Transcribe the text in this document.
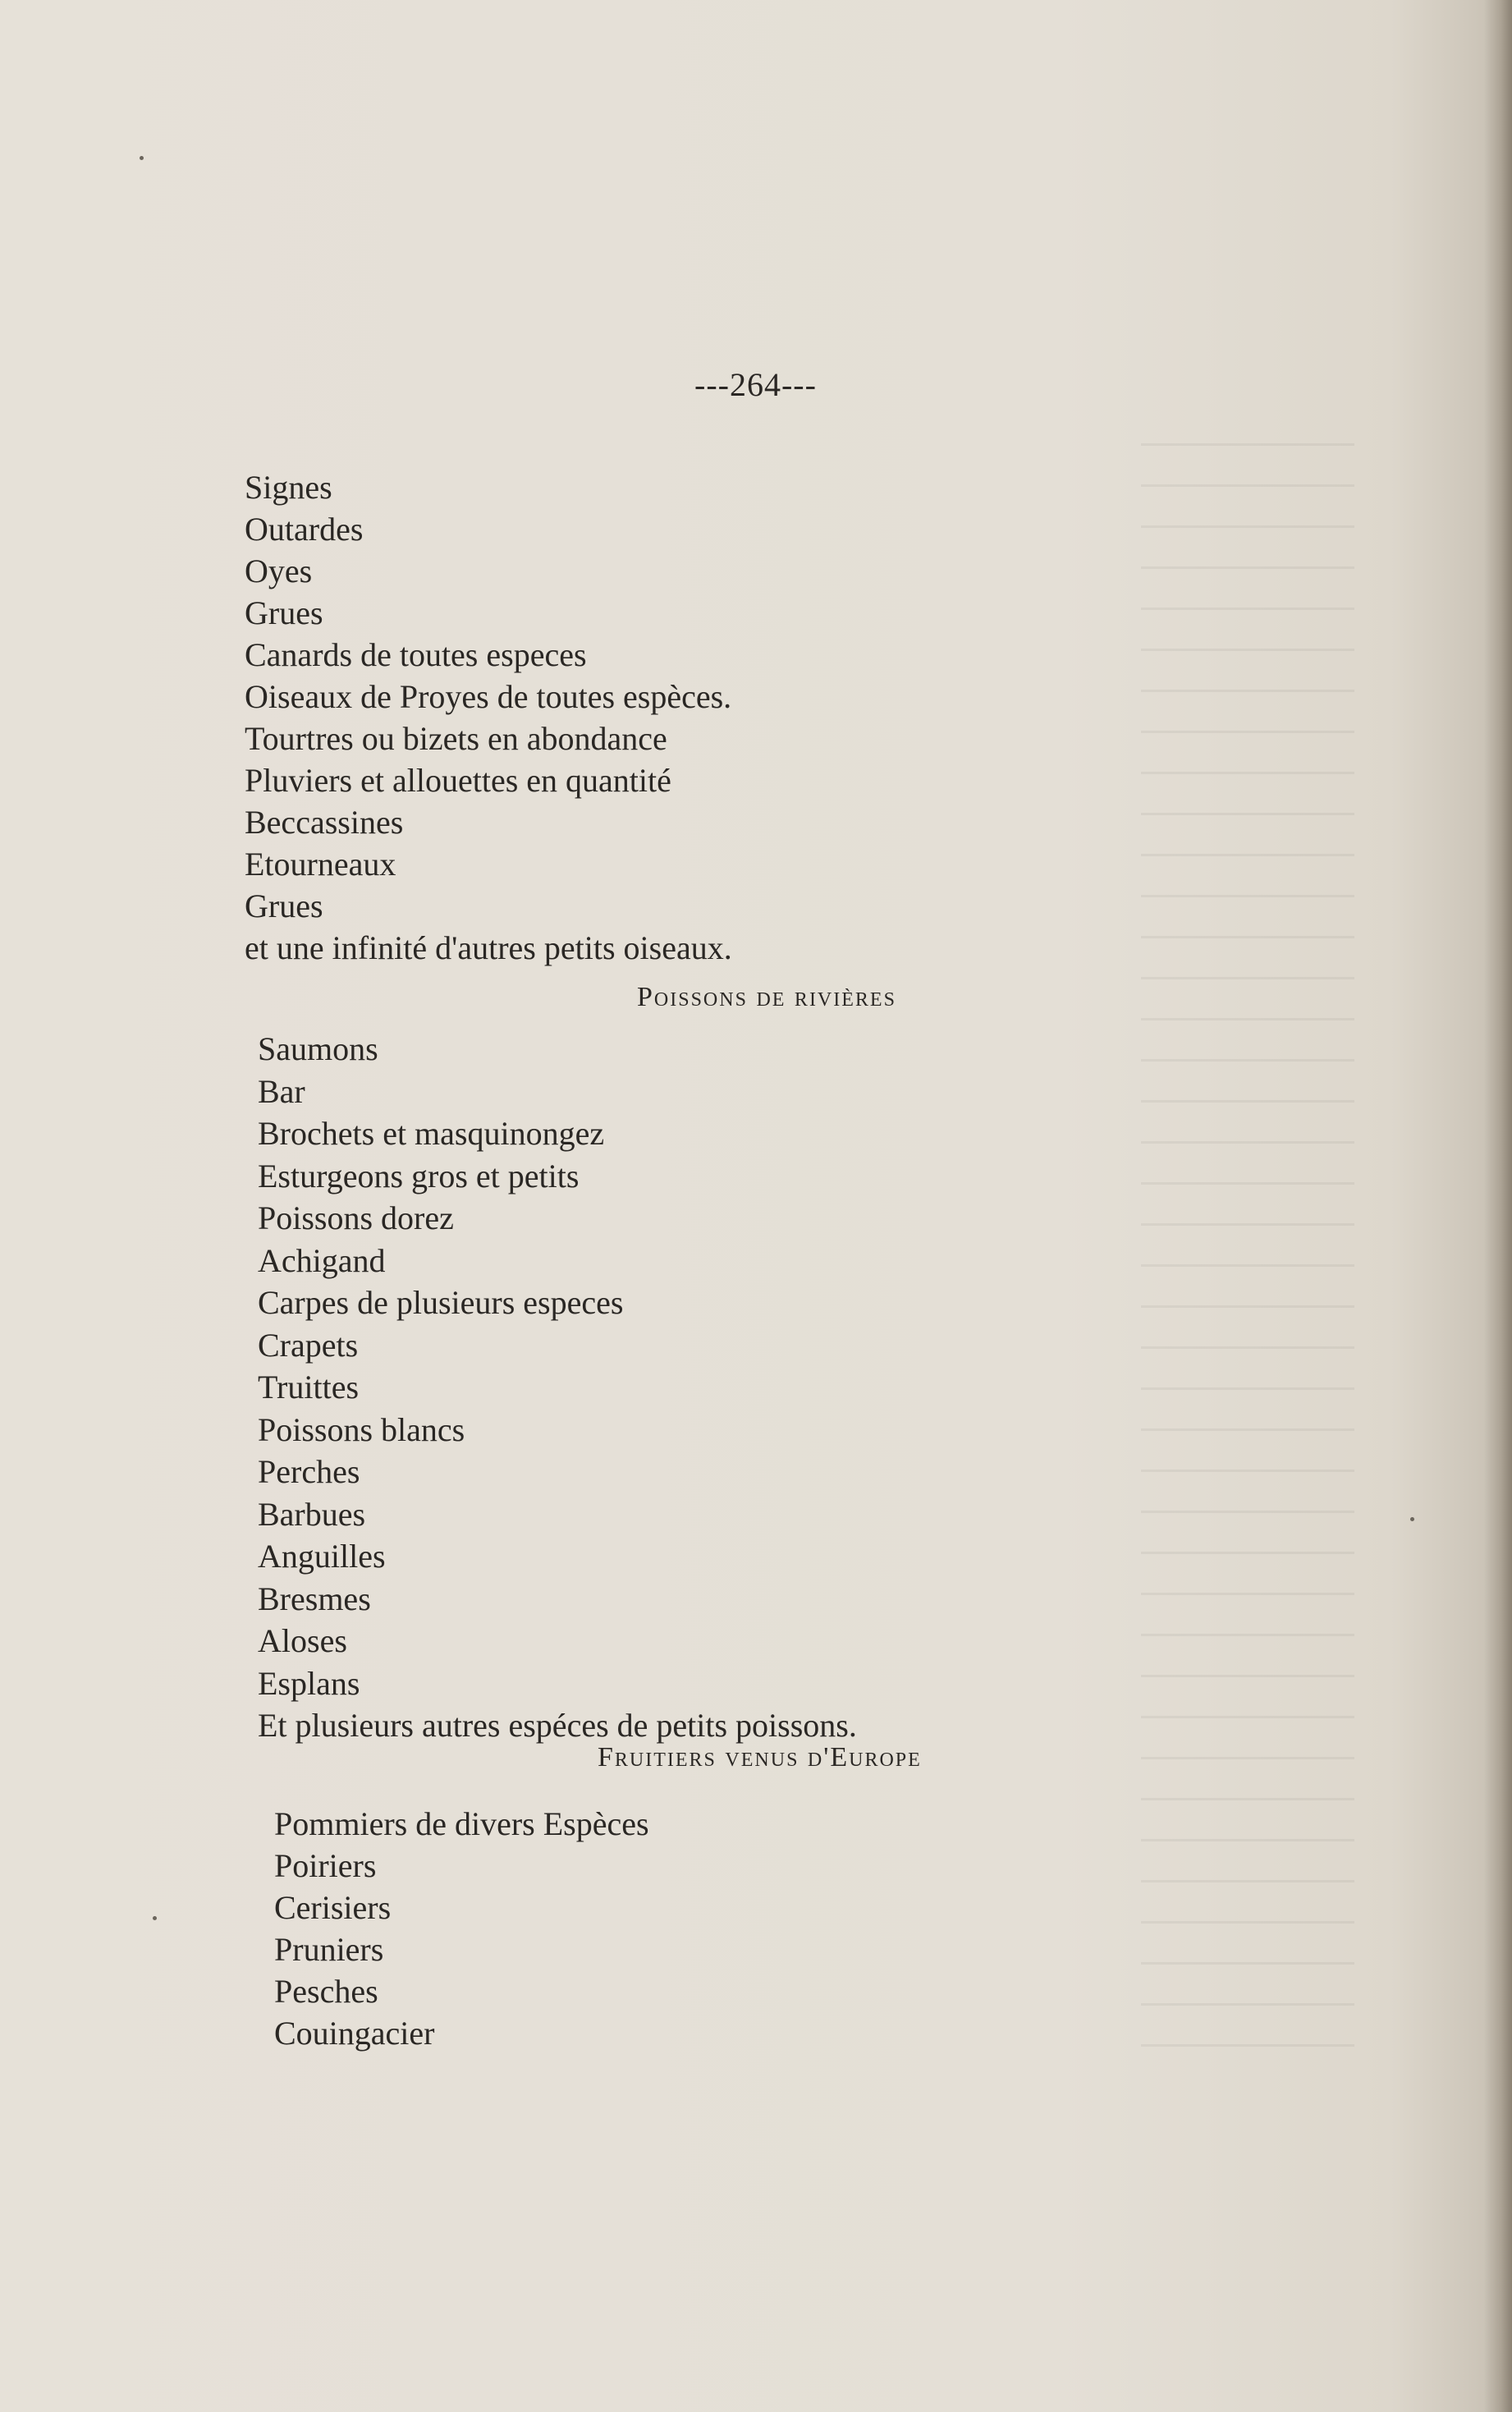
---264---
Signes
Outardes
Oyes
Grues
Canards de toutes especes
Oiseaux de Proyes de toutes espèces.
Tourtres ou bizets en abondance
Pluviers et allouettes en quantité
Beccassines
Etourneaux
Grues
et une infinité d'autres petits oiseaux.
Poissons de rivières
Saumons
Bar
Brochets et masquinongez
Esturgeons gros et petits
Poissons dorez
Achigand
Carpes de plusieurs especes
Crapets
Truittes
Poissons blancs
Perches
Barbues
Anguilles
Bresmes
Aloses
Esplans
Et plusieurs autres espéces de petits poissons.
Fruitiers venus d'Europe
Pommiers de divers Espèces
Poiriers
Cerisiers
Pruniers
Pesches
Couingacier
